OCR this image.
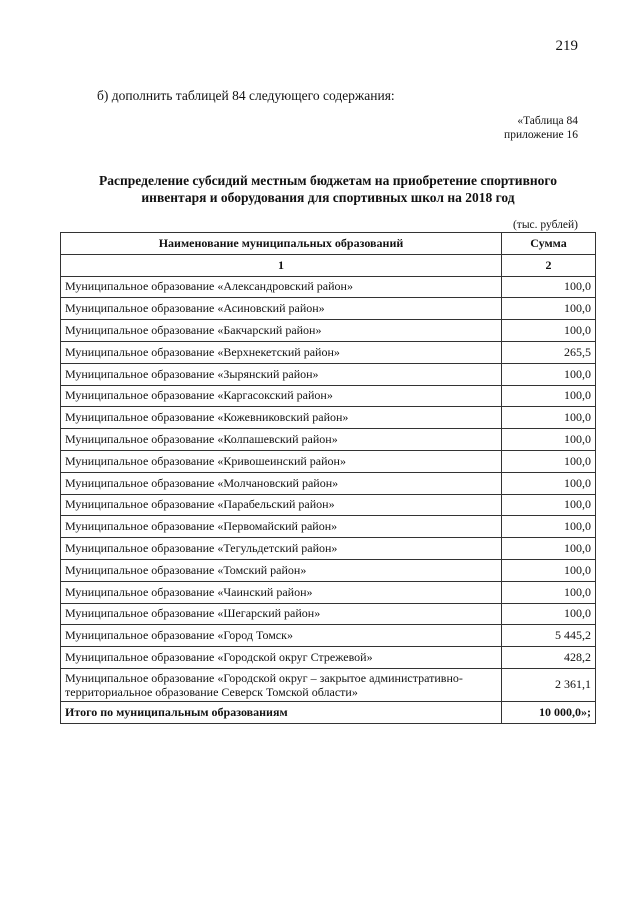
219
б) дополнить таблицей 84 следующего содержания:
«Таблица 84
приложение 16
Распределение субсидий местным бюджетам на приобретение спортивного
инвентаря и оборудования для спортивных школ на 2018 год
(тыс. рублей)
Наименование муниципальных образований	Сумма
1	2
Муниципальное образование «Александровский район»	100,0
Муниципальное образование «Асиновский район»	100,0
Муниципальное образование «Бакчарский район»	100,0
Муниципальное образование «Верхнекетский район»	265,5
Муниципальное образование «Зырянский район»	100,0
Муниципальное образование «Каргасокский район»	100,0
Муниципальное образование «Кожевниковский район»	100,0
Муниципальное образование «Колпашевский район»	100,0
Муниципальное образование «Кривошеинский район»	100,0
Муниципальное образование «Молчановский район»	100,0
Муниципальное образование «Парабельский район»	100,0
Муниципальное образование «Первомайский район»	100,0
Муниципальное образование «Тегульдетский район»	100,0
Муниципальное образование «Томский район»	100,0
Муниципальное образование «Чаинский район»	100,0
Муниципальное образование «Шегарский район»	100,0
Муниципальное образование «Город Томск»	5 445,2
Муниципальное образование «Городской округ Стрежевой»	428,2
Муниципальное образование «Городской округ – закрытое административно-территориальное образование Северск Томской области»	2 361,1
Итого по муниципальным образованиям	10 000,0»;
